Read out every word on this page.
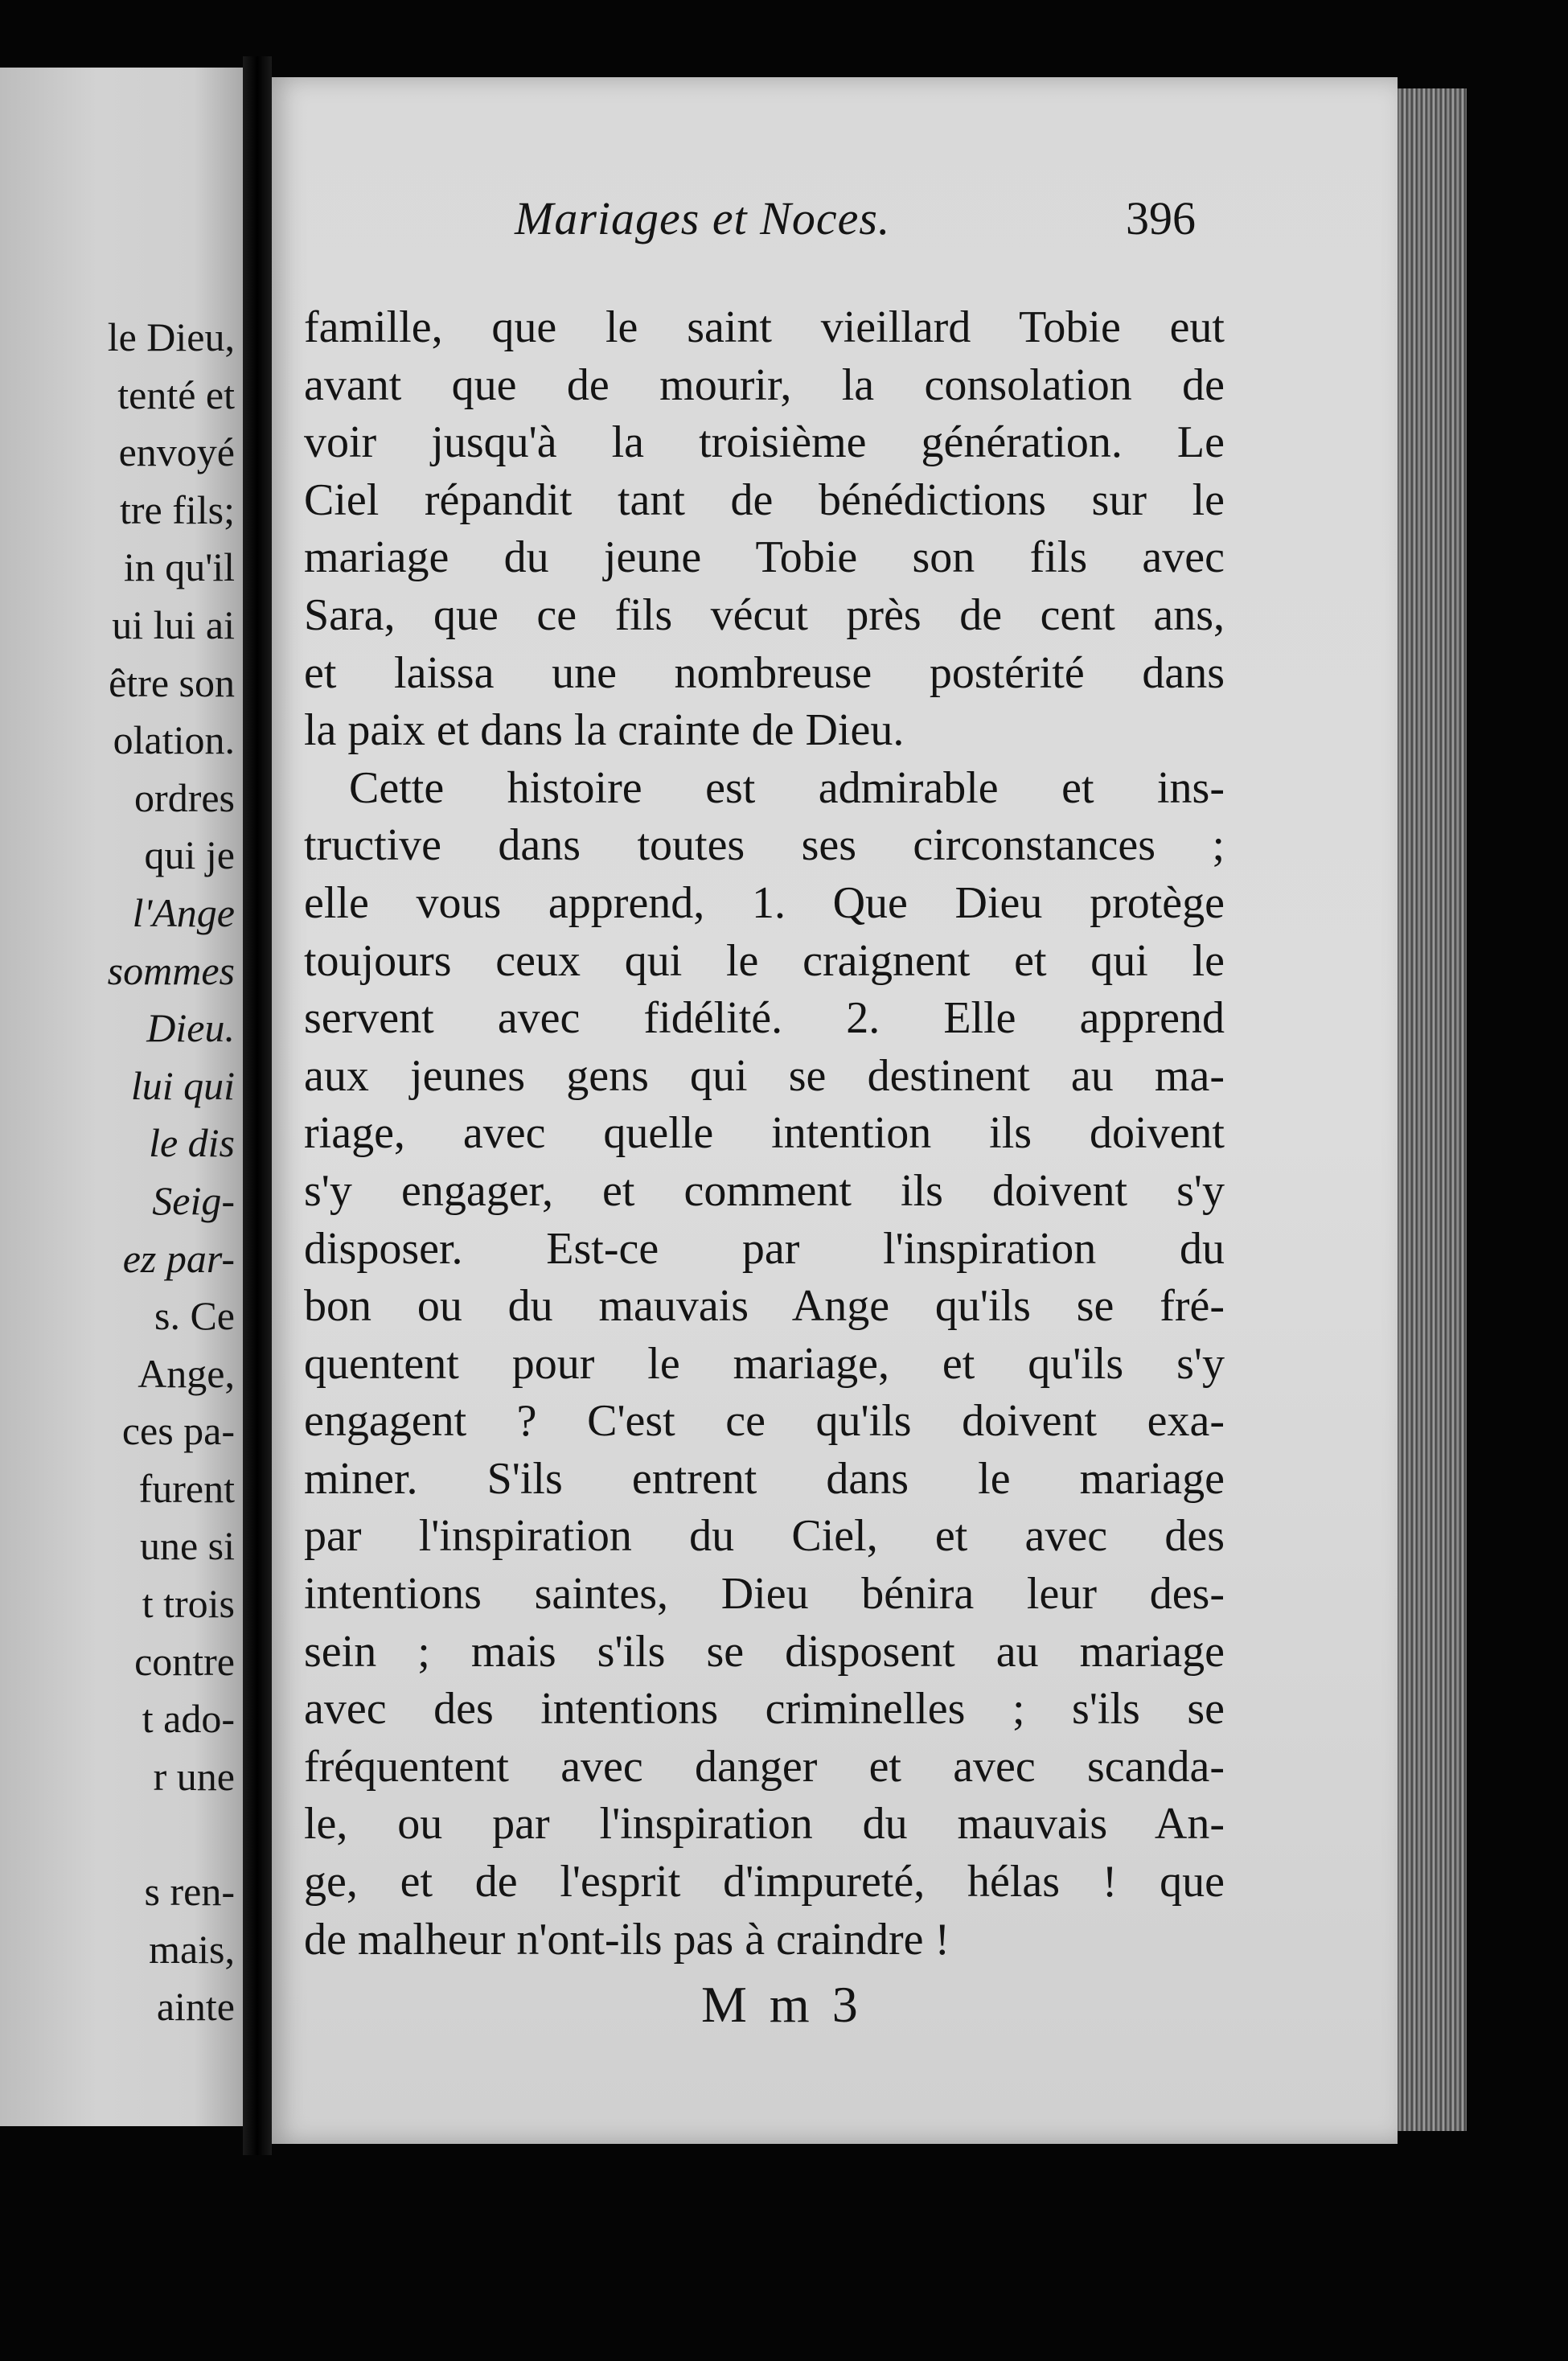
le Dieu,
tenté et
envoyé
tre fils;
in qu'il
ui lui ai
être son
olation.
ordres
qui je
l'Ange
sommes
Dieu.
lui qui
le dis
Seig-
ez par-
s. Ce
Ange,
ces pa-
furent
une si
t trois
contre
t ado-
r une

s ren-
mais,
ainte
Mariages et Noces.	396
famille, que le saint vieillard Tobie eut
avant que de mourir, la consolation de
voir jusqu'à la troisième génération. Le
Ciel répandit tant de bénédictions sur le
mariage du jeune Tobie son fils avec
Sara, que ce fils vécut près de cent ans,
et laissa une nombreuse postérité dans
la paix et dans la crainte de Dieu.
Cette histoire est admirable et ins-
tructive dans toutes ses circonstances ;
elle vous apprend, 1. Que Dieu protège
toujours ceux qui le craignent et qui le
servent avec fidélité. 2. Elle apprend
aux jeunes gens qui se destinent au ma-
riage, avec quelle intention ils doivent
s'y engager, et comment ils doivent s'y
disposer. Est-ce par l'inspiration du
bon ou du mauvais Ange qu'ils se fré-
quentent pour le mariage, et qu'ils s'y
engagent ? C'est ce qu'ils doivent exa-
miner. S'ils entrent dans le mariage
par l'inspiration du Ciel, et avec des
intentions saintes, Dieu bénira leur des-
sein ; mais s'ils se disposent au mariage
avec des intentions criminelles ; s'ils se
fréquentent avec danger et avec scanda-
le, ou par l'inspiration du mauvais An-
ge, et de l'esprit d'impureté, hélas ! que
de malheur n'ont-ils pas à craindre !
M m 3
